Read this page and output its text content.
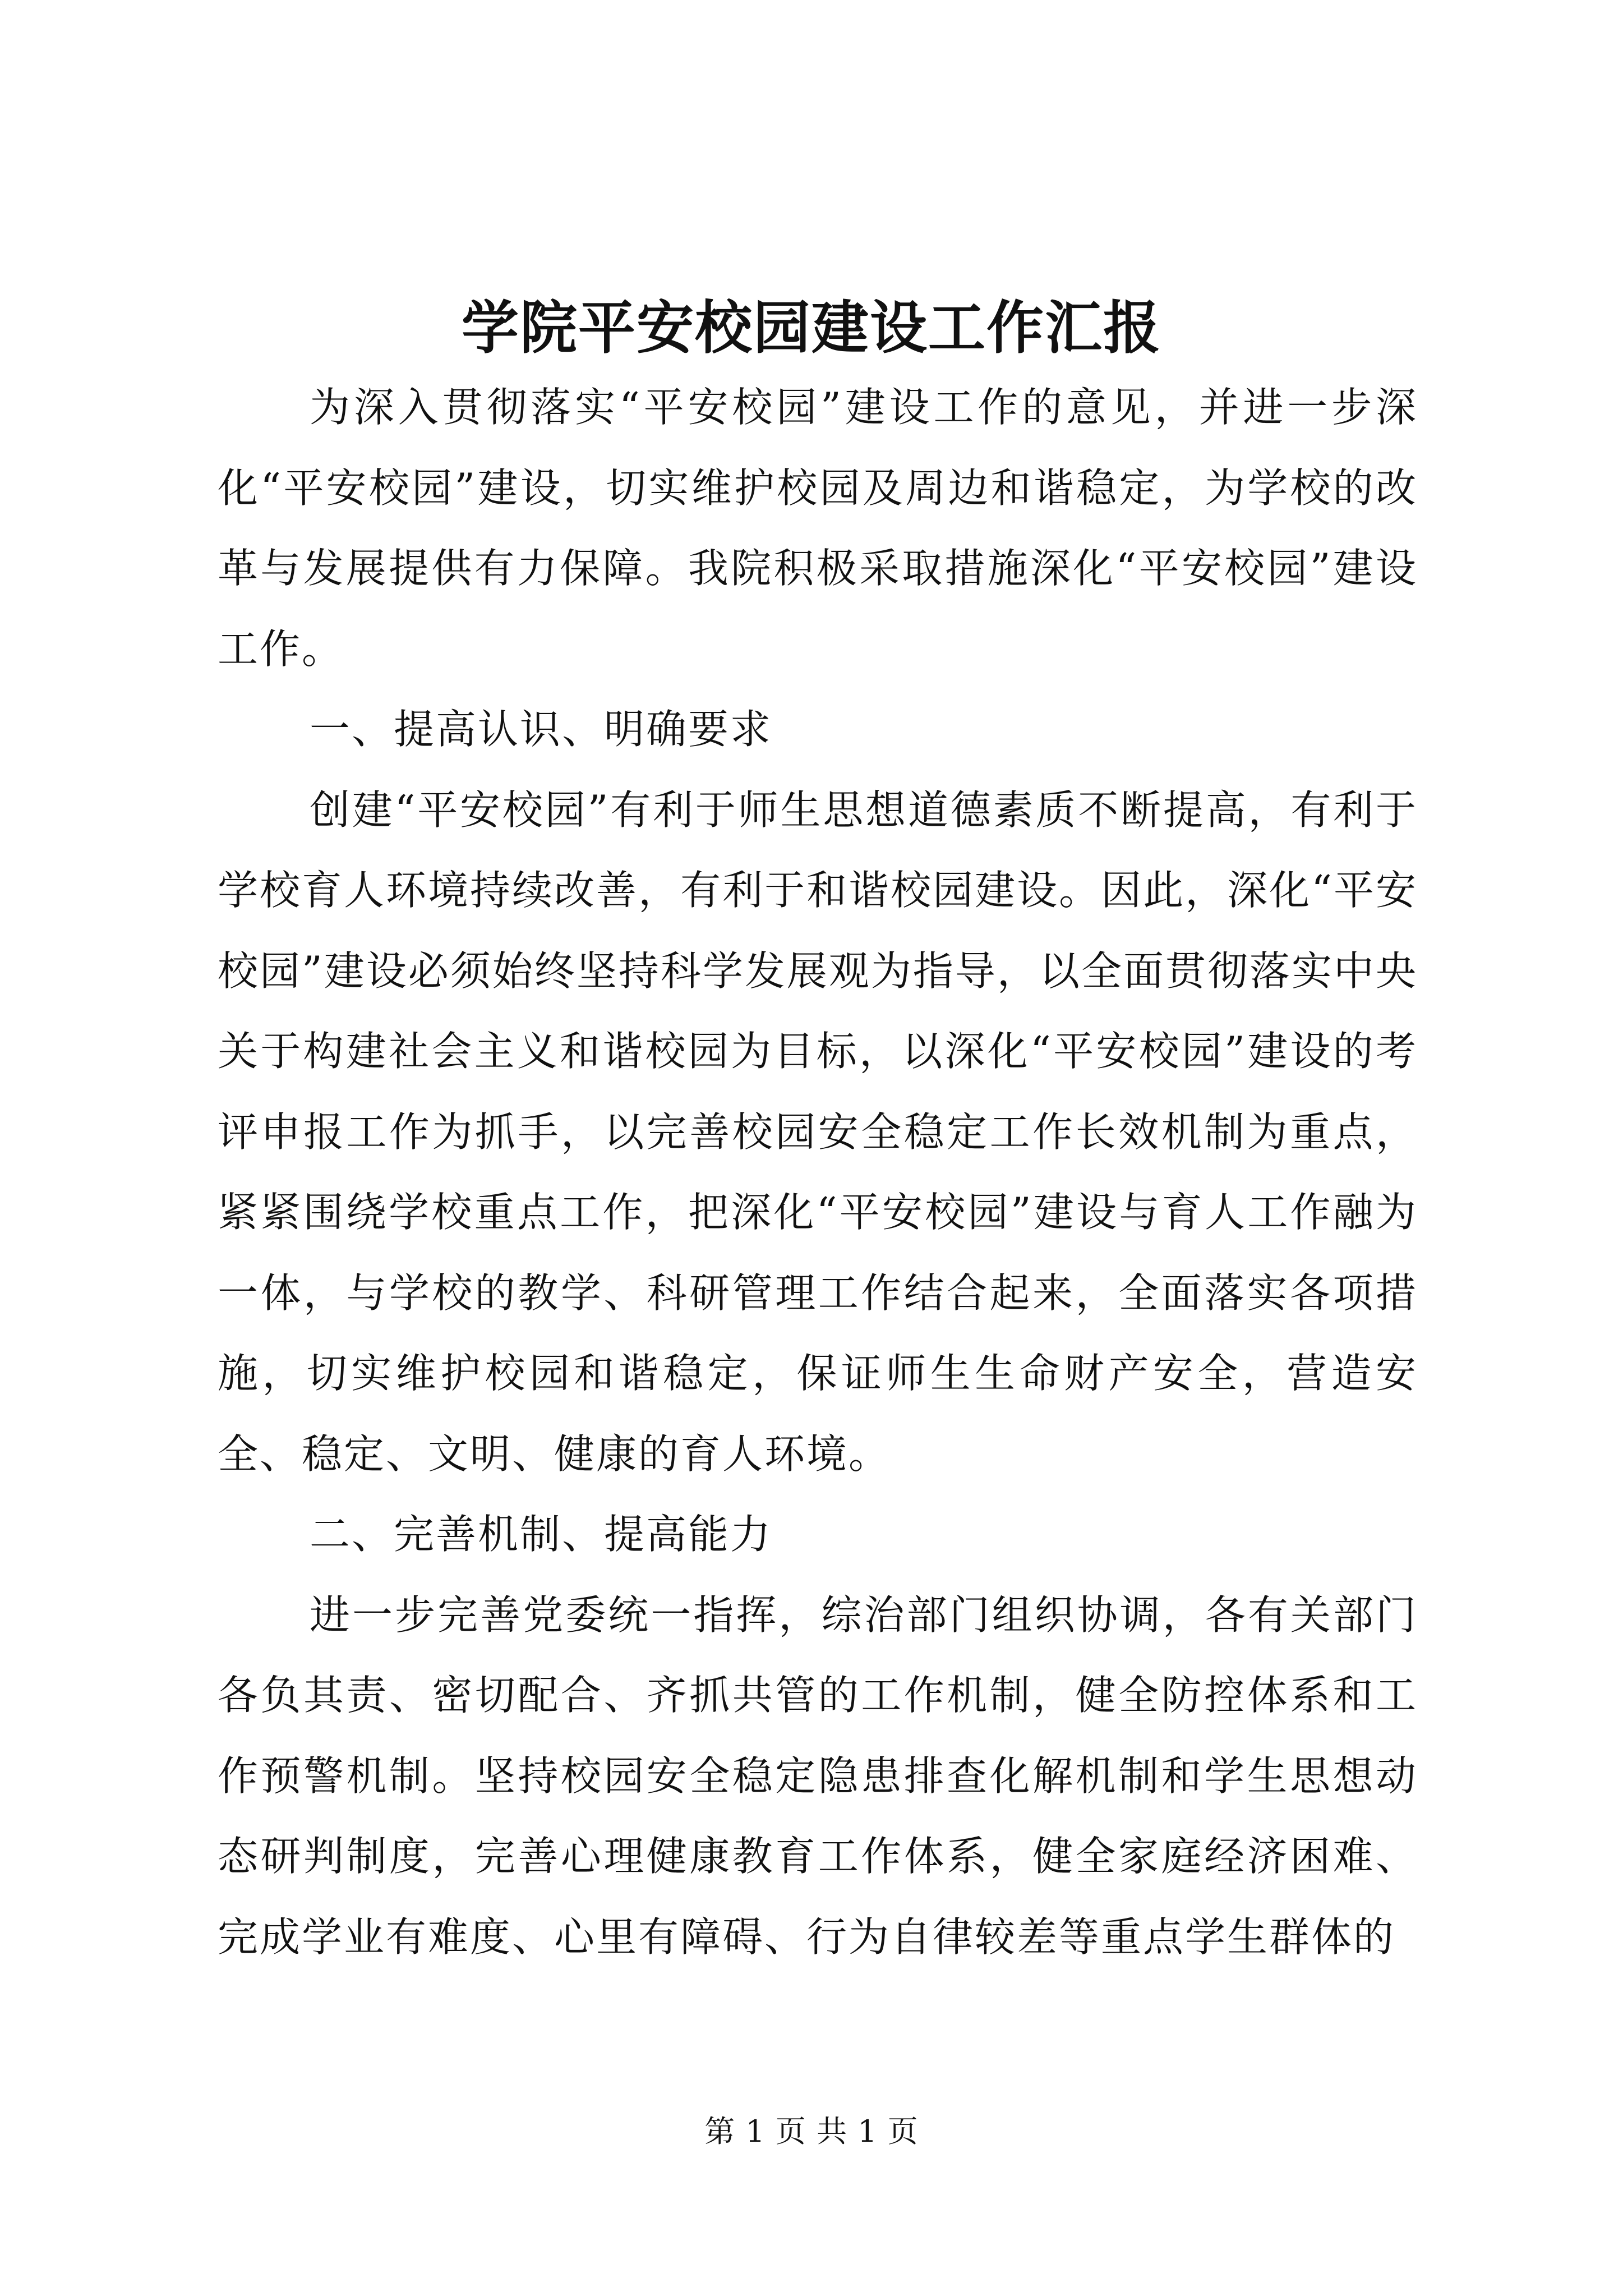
学院平安校园建设工作汇报

为深入贯彻落实“平安校园”建设工作的意见，并进一步深化“平安校园”建设，切实维护校园及周边和谐稳定，为学校的改革与发展提供有力保障。我院积极采取措施深化“平安校园”建设工作。

一、提高认识、明确要求

创建“平安校园”有利于师生思想道德素质不断提高，有利于学校育人环境持续改善，有利于和谐校园建设。因此，深化“平安校园”建设必须始终坚持科学发展观为指导，以全面贯彻落实中央关于构建社会主义和谐校园为目标，以深化“平安校园”建设的考评申报工作为抓手，以完善校园安全稳定工作长效机制为重点，紧紧围绕学校重点工作，把深化“平安校园”建设与育人工作融为一体，与学校的教学、科研管理工作结合起来，全面落实各项措施，切实维护校园和谐稳定，保证师生生命财产安全，营造安全、稳定、文明、健康的育人环境。

二、完善机制、提高能力

进一步完善党委统一指挥，综治部门组织协调，各有关部门各负其责、密切配合、齐抓共管的工作机制，健全防控体系和工作预警机制。坚持校园安全稳定隐患排查化解机制和学生思想动态研判制度，完善心理健康教育工作体系，健全家庭经济困难、完成学业有难度、心里有障碍、行为自律较差等重点学生群体的

第 1 页 共 1 页
